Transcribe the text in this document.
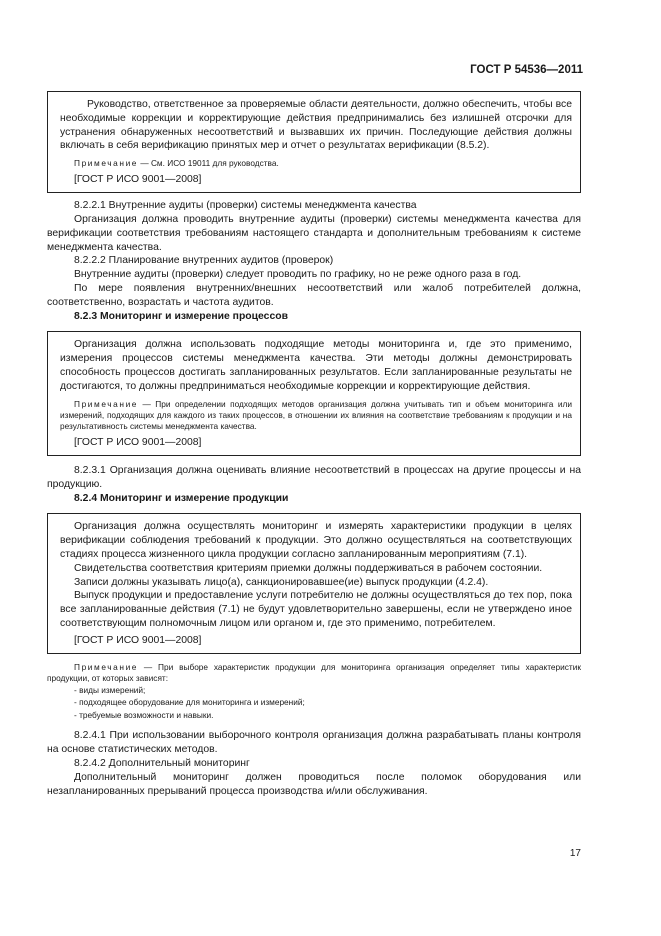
ГОСТ Р 54536—2011

Руководство, ответственное за проверяемые области деятельности, должно обеспечить, чтобы все необходимые коррекции и корректирующие действия предпринимались без излишней отсрочки для устранения обнаруженных несоответствий и вызвавших их причин. Последующие действия должны включать в себя верификацию принятых мер и отчет о результатах верификации (8.5.2).

Примечание — См. ИСО 19011 для руководства.

[ГОСТ Р ИСО 9001—2008]

8.2.2.1 Внутренние аудиты (проверки) системы менеджмента качества

Организация должна проводить внутренние аудиты (проверки) системы менеджмента качества для верификации соответствия требованиям настоящего стандарта и дополнительным требованиям к системе менеджмента качества.

8.2.2.2 Планирование внутренних аудитов (проверок)

Внутренние аудиты (проверки) следует проводить по графику, но не реже одного раза в год.

По мере появления внутренних/внешних несоответствий или жалоб потребителей должна, соответственно, возрастать и частота аудитов.

8.2.3 Мониторинг и измерение процессов

Организация должна использовать подходящие методы мониторинга и, где это применимо, измерения процессов системы менеджмента качества. Эти методы должны демонстрировать способность процессов достигать запланированных результатов. Если запланированные результаты не достигаются, то должны предприниматься необходимые коррекции и корректирующие действия.

Примечание — При определении подходящих методов организация должна учитывать тип и объем мониторинга или измерений, подходящих для каждого из таких процессов, в отношении их влияния на соответствие требованиям к продукции и на результативность системы менеджмента качества.

[ГОСТ Р ИСО 9001—2008]

8.2.3.1 Организация должна оценивать влияние несоответствий в процессах на другие процессы и на продукцию.

8.2.4 Мониторинг и измерение продукции

Организация должна осуществлять мониторинг и измерять характеристики продукции в целях верификации соблюдения требований к продукции. Это должно осуществляться на соответствующих стадиях процесса жизненного цикла продукции согласно запланированным мероприятиям (7.1).

Свидетельства соответствия критериям приемки должны поддерживаться в рабочем состоянии.

Записи должны указывать лицо(а), санкционировавшее(ие) выпуск продукции (4.2.4).

Выпуск продукции и предоставление услуги потребителю не должны осуществляться до тех пор, пока все запланированные действия (7.1) не будут удовлетворительно завершены, если не утверждено иное соответствующим полномочным лицом или органом и, где это применимо, потребителем.

[ГОСТ Р ИСО 9001—2008]

Примечание — При выборе характеристик продукции для мониторинга организация определяет типы характеристик продукции, от которых зависят:

- виды измерений;
- подходящее оборудование для мониторинга и измерений;
- требуемые возможности и навыки.

8.2.4.1 При использовании выборочного контроля организация должна разрабатывать планы контроля на основе статистических методов.

8.2.4.2 Дополнительный мониторинг

Дополнительный мониторинг должен проводиться после поломок оборудования или незапланированных прерываний процесса производства и/или обслуживания.

17
